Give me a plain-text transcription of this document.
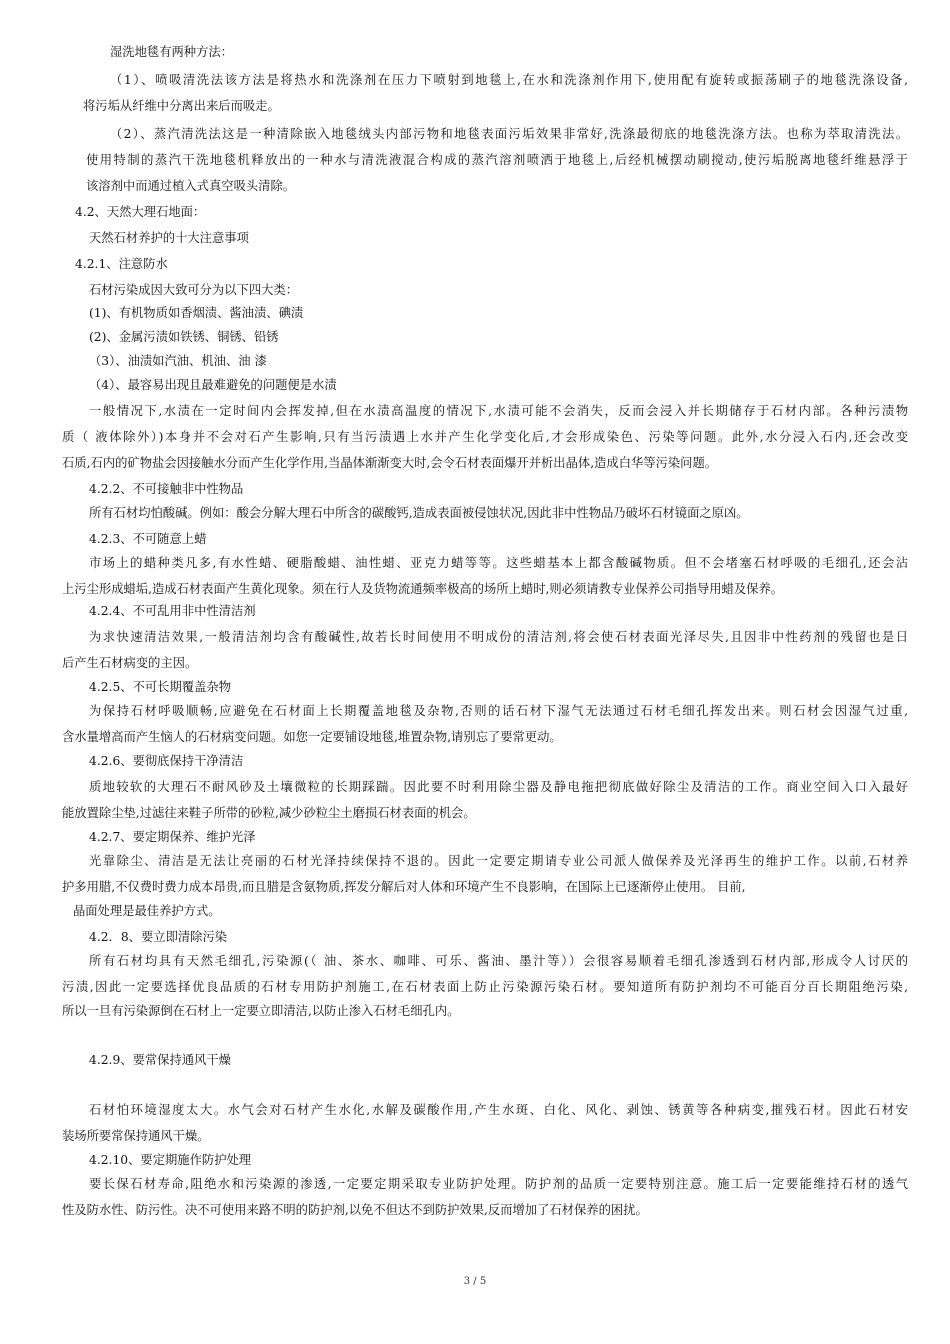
湿洗地毯有两种方法：
（1）、喷吸清洗法该方法是将热水和洗涤剂在压力下喷射到地毯上,在水和洗涤剂作用下,使用配有旋转或振荡刷子的地毯洗涤设备,
将污垢从纤维中分离出来后而吸走。
（2）、蒸汽清洗法这是一种清除嵌入地毯绒头内部污物和地毯表面污垢效果非常好,洗涤最彻底的地毯洗涤方法。也称为萃取清洗法。
使用特制的蒸汽干洗地毯机释放出的一种水与清洗液混合构成的蒸汽溶剂喷洒于地毯上,后经机械摆动刷搅动,使污垢脱离地毯纤维悬浮于
该溶剂中而通过植入式真空吸头清除。
4.2、天然大理石地面：
天然石材养护的十大注意事项
4.2.1、注意防水
石材污染成因大致可分为以下四大类：
(1)、有机物质如香烟渍、酱油渍、碘渍
(2)、金属污渍如铁锈、铜锈、铅锈
（3）、油渍如汽油、机油、油 漆
（4）、最容易出现且最难避免的问题便是水渍
一般情况下,水渍在一定时间内会挥发掉,但在水渍高温度的情况下,水渍可能不会消失，反而会浸入并长期储存于石材内部。各种污渍物
质（ 液体除外）)本身并不会对石产生影响,只有当污渍遇上水并产生化学变化后,才会形成染色、污染等问题。此外,水分浸入石内,还会改变
石质,石内的矿物盐会因接触水分而产生化学作用,当晶体渐渐变大时,会令石材表面爆开并析出晶体,造成白华等污染问题。
4.2.2、不可接触非中性物品
所有石材均怕酸碱。例如：酸会分解大理石中所含的碳酸钙,造成表面被侵蚀状况,因此非中性物品乃破坏石材镜面之原凶。
4.2.3、不可随意上蜡
市场上的蜡种类凡多,有水性蜡、硬脂酸蜡、油性蜡、亚克力蜡等等。这些蜡基本上都含酸碱物质。但不会堵塞石材呼吸的毛细孔,还会沾
上污尘形成蜡垢,造成石材表面产生黄化现象。须在行人及货物流通频率极高的场所上蜡时,则必须请教专业保养公司指导用蜡及保养。
4.2.4、不可乱用非中性清洁剂
为求快速清洁效果,一般清洁剂均含有酸碱性,故若长时间使用不明成份的清洁剂,将会使石材表面光泽尽失,且因非中性药剂的残留也是日
后产生石材病变的主因。
4.2.5、不可长期覆盖杂物
为保持石材呼吸顺畅,应避免在石材面上长期覆盖地毯及杂物,否则的话石材下湿气无法通过石材毛细孔挥发出来。则石材会因湿气过重,
含水量增高而产生恼人的石材病变问题。如您一定要铺设地毯,堆置杂物,请别忘了要常更动。
4.2.6、要彻底保持干净清洁
质地较软的大理石不耐风砂及土壤微粒的长期踩踹。因此要不时利用除尘器及静电拖把彻底做好除尘及清洁的工作。商业空间入口入最好
能放置除尘垫,过滤往来鞋子所带的砂粒,减少砂粒尘土磨损石材表面的机会。
4.2.7、要定期保养、维护光泽
光靠除尘、清洁是无法让亮丽的石材光泽持续保持不退的。因此一定要定期请专业公司派人做保养及光泽再生的维护工作。以前,石材养
护多用腊,不仅费时费力成本昂贵,而且腊是含氨物质,挥发分解后对人体和环境产生不良影响，在国际上已逐渐停止使用。 目前,
晶面处理是最佳养护方式。
4.2．8、要立即清除污染
所有石材均具有天然毛细孔,污染源(（ 油、茶水、咖啡、可乐、酱油、墨汁等））会很容易顺着毛细孔渗透到石材内部,形成令人讨厌的
污渍,因此一定要选择优良品质的石材专用防护剂施工,在石材表面上防止污染源污染石材。要知道所有防护剂均不可能百分百长期阻绝污染,
所以一旦有污染源倒在石材上一定要立即清洁,以防止渗入石材毛细孔内。
4.2.9、要常保持通风干燥
石材怕环境湿度太大。水气会对石材产生水化,水解及碳酸作用,产生水斑、白化、风化、剥蚀、锈黄等各种病变,摧残石材。因此石材安
装场所要常保持通风干燥。
4.2.10、要定期施作防护处理
要长保石材寿命,阻绝水和污染源的渗透,一定要定期采取专业防护处理。防护剂的品质一定要特别注意。施工后一定要能维持石材的透气
性及防水性、防污性。决不可使用来路不明的防护剂,以免不但达不到防护效果,反而增加了石材保养的困扰。
3 / 5
